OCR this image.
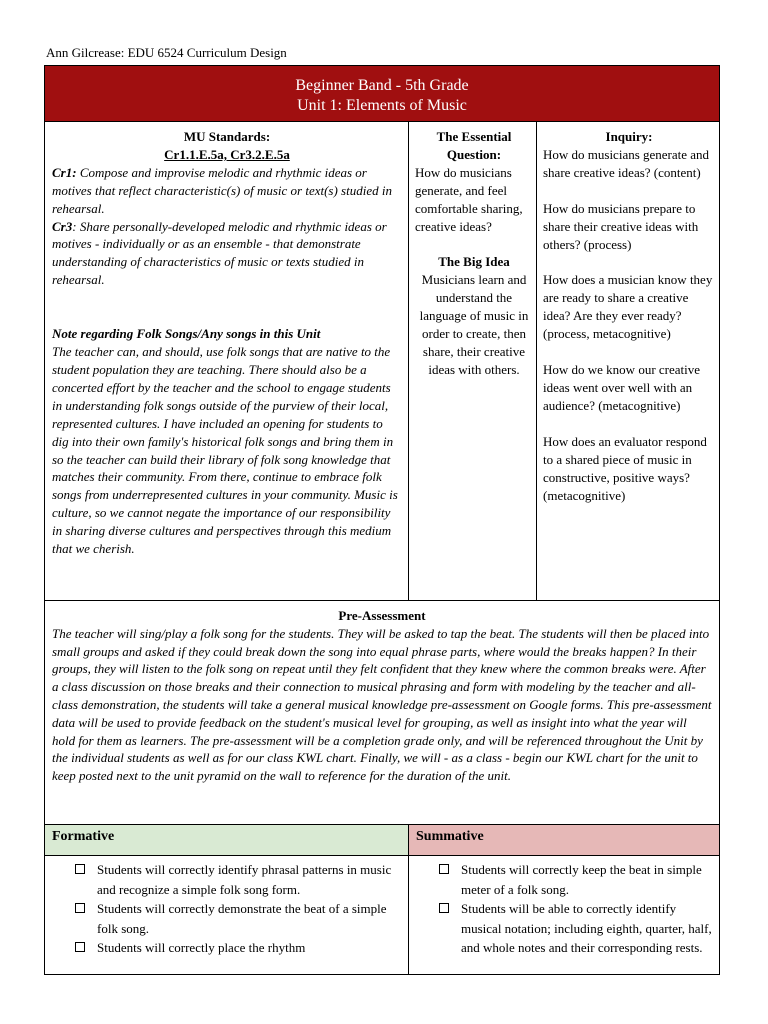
Ann Gilcrease: EDU 6524 Curriculum Design
Beginner Band - 5th Grade
Unit 1: Elements of Music
MU Standards:
Cr1.1.E.5a, Cr3.2.E.5a
Cr1: Compose and improvise melodic and rhythmic ideas or motives that reflect characteristic(s) of music or text(s) studied in rehearsal.
Cr3: Share personally-developed melodic and rhythmic ideas or motives - individually or as an ensemble - that demonstrate understanding of characteristics of music or texts studied in rehearsal.
Note regarding Folk Songs/Any songs in this Unit
The teacher can, and should, use folk songs that are native to the student population they are teaching. There should also be a concerted effort by the teacher and the school to engage students in understanding folk songs outside of the purview of their local, represented cultures. I have included an opening for students to dig into their own family's historical folk songs and bring them in so the teacher can build their library of folk song knowledge that matches their community. From there, continue to embrace folk songs from underrepresented cultures in your community. Music is culture, so we cannot negate the importance of our responsibility in sharing diverse cultures and perspectives through this medium that we cherish.
The Essential Question:
How do musicians generate, and feel comfortable sharing, creative ideas?
The Big Idea
Musicians learn and understand the language of music in order to create, then share, their creative ideas with others.
Inquiry:
How do musicians generate and share creative ideas? (content)
How do musicians prepare to share their creative ideas with others? (process)
How does a musician know they are ready to share a creative idea? Are they ever ready? (process, metacognitive)
How do we know our creative ideas went over well with an audience? (metacognitive)
How does an evaluator respond to a shared piece of music in constructive, positive ways? (metacognitive)
Pre-Assessment
The teacher will sing/play a folk song for the students. They will be asked to tap the beat. The students will then be placed into small groups and asked if they could break down the song into equal phrase parts, where would the breaks happen? In their groups, they will listen to the folk song on repeat until they felt confident that they knew where the common breaks were. After a class discussion on those breaks and their connection to musical phrasing and form with modeling by the teacher and all-class demonstration, the students will take a general musical knowledge pre-assessment on Google forms. This pre-assessment data will be used to provide feedback on the student's musical level for grouping, as well as insight into what the year will hold for them as learners. The pre-assessment will be a completion grade only, and will be referenced throughout the Unit by the individual students as well as for our class KWL chart. Finally, we will - as a class - begin our KWL chart for the unit to keep posted next to the unit pyramid on the wall to reference for the duration of the unit.
Formative	Summative
Students will correctly identify phrasal patterns in music and recognize a simple folk song form.
Students will correctly demonstrate the beat of a simple folk song.
Students will correctly place the rhythm
Students will correctly keep the beat in simple meter of a folk song.
Students will be able to correctly identify musical notation; including eighth, quarter, half, and whole notes and their corresponding rests.
